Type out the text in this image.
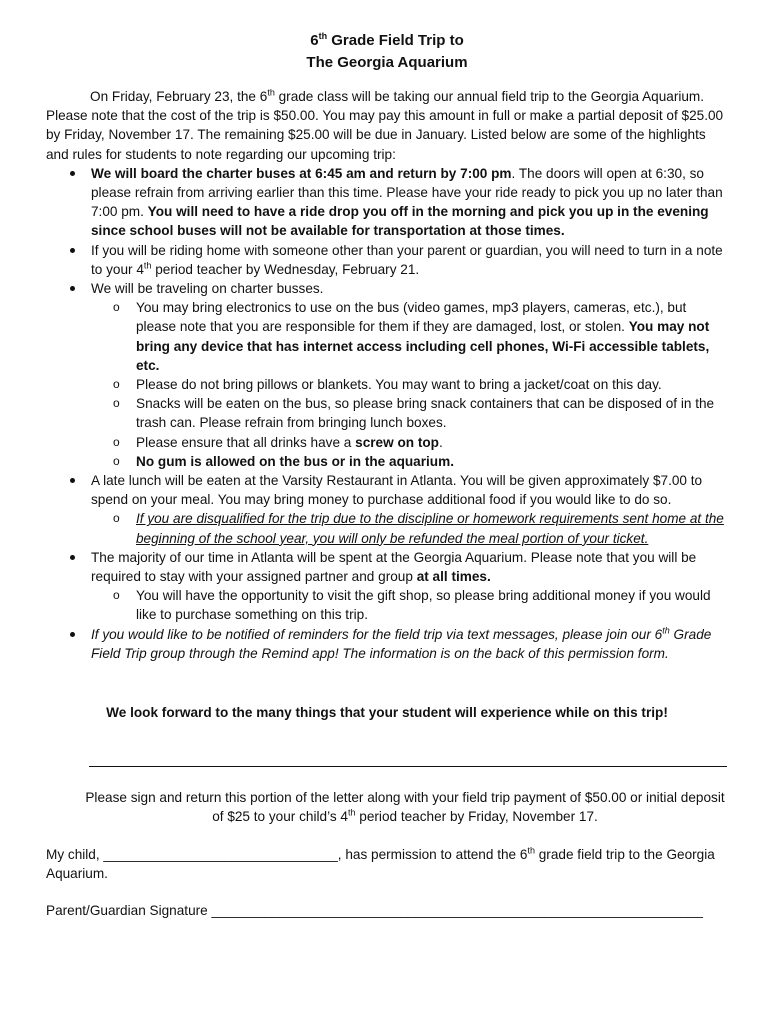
6th Grade Field Trip to
The Georgia Aquarium
On Friday, February 23, the 6th grade class will be taking our annual field trip to the Georgia Aquarium. Please note that the cost of the trip is $50.00. You may pay this amount in full or make a partial deposit of $25.00 by Friday, November 17. The remaining $25.00 will be due in January. Listed below are some of the highlights and rules for students to note regarding our upcoming trip:
We will board the charter buses at 6:45 am and return by 7:00 pm. The doors will open at 6:30, so please refrain from arriving earlier than this time. Please have your ride ready to pick you up no later than 7:00 pm. You will need to have a ride drop you off in the morning and pick you up in the evening since school buses will not be available for transportation at those times.
If you will be riding home with someone other than your parent or guardian, you will need to turn in a note to your 4th period teacher by Wednesday, February 21.
We will be traveling on charter busses.
o You may bring electronics to use on the bus (video games, mp3 players, cameras, etc.), but please note that you are responsible for them if they are damaged, lost, or stolen. You may not bring any device that has internet access including cell phones, Wi-Fi accessible tablets, etc.
o Please do not bring pillows or blankets. You may want to bring a jacket/coat on this day.
o Snacks will be eaten on the bus, so please bring snack containers that can be disposed of in the trash can. Please refrain from bringing lunch boxes.
o Please ensure that all drinks have a screw on top.
o No gum is allowed on the bus or in the aquarium.
A late lunch will be eaten at the Varsity Restaurant in Atlanta. You will be given approximately $7.00 to spend on your meal. You may bring money to purchase additional food if you would like to do so.
o If you are disqualified for the trip due to the discipline or homework requirements sent home at the beginning of the school year, you will only be refunded the meal portion of your ticket.
The majority of our time in Atlanta will be spent at the Georgia Aquarium. Please note that you will be required to stay with your assigned partner and group at all times.
o You will have the opportunity to visit the gift shop, so please bring additional money if you would like to purchase something on this trip.
If you would like to be notified of reminders for the field trip via text messages, please join our 6th Grade Field Trip group through the Remind app! The information is on the back of this permission form.
We look forward to the many things that your student will experience while on this trip!
Please sign and return this portion of the letter along with your field trip payment of $50.00 or initial deposit of $25 to your child’s 4th period teacher by Friday, November 17.
My child, _______________________________, has permission to attend the 6th grade field trip to the Georgia Aquarium.
Parent/Guardian Signature _________________________________________________________________
